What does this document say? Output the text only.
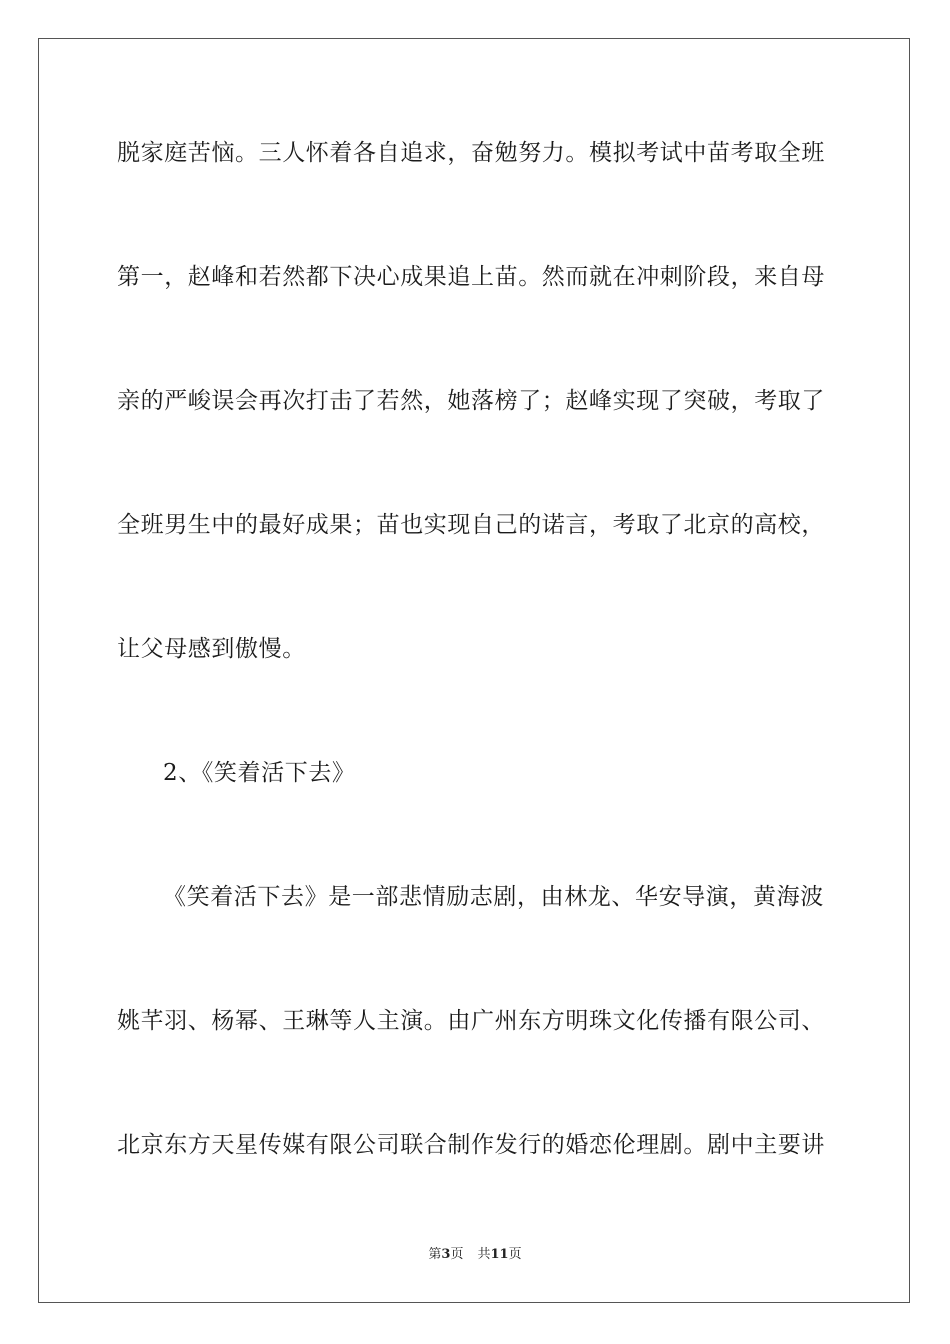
脱家庭苦恼。三人怀着各自追求，奋勉努力。模拟考试中苗考取全班
第一，赵峰和若然都下决心成果追上苗。然而就在冲刺阶段，来自母
亲的严峻误会再次打击了若然，她落榜了；赵峰实现了突破，考取了
全班男生中的最好成果；苗也实现自己的诺言，考取了北京的高校，
让父母感到傲慢。
2、《笑着活下去》
《笑着活下去》是一部悲情励志剧，由林龙、华安导演，黄海波
姚芊羽、杨幂、王琳等人主演。由广州东方明珠文化传播有限公司、
北京东方天星传媒有限公司联合制作发行的婚恋伦理剧。剧中主要讲
第3页 共11页
